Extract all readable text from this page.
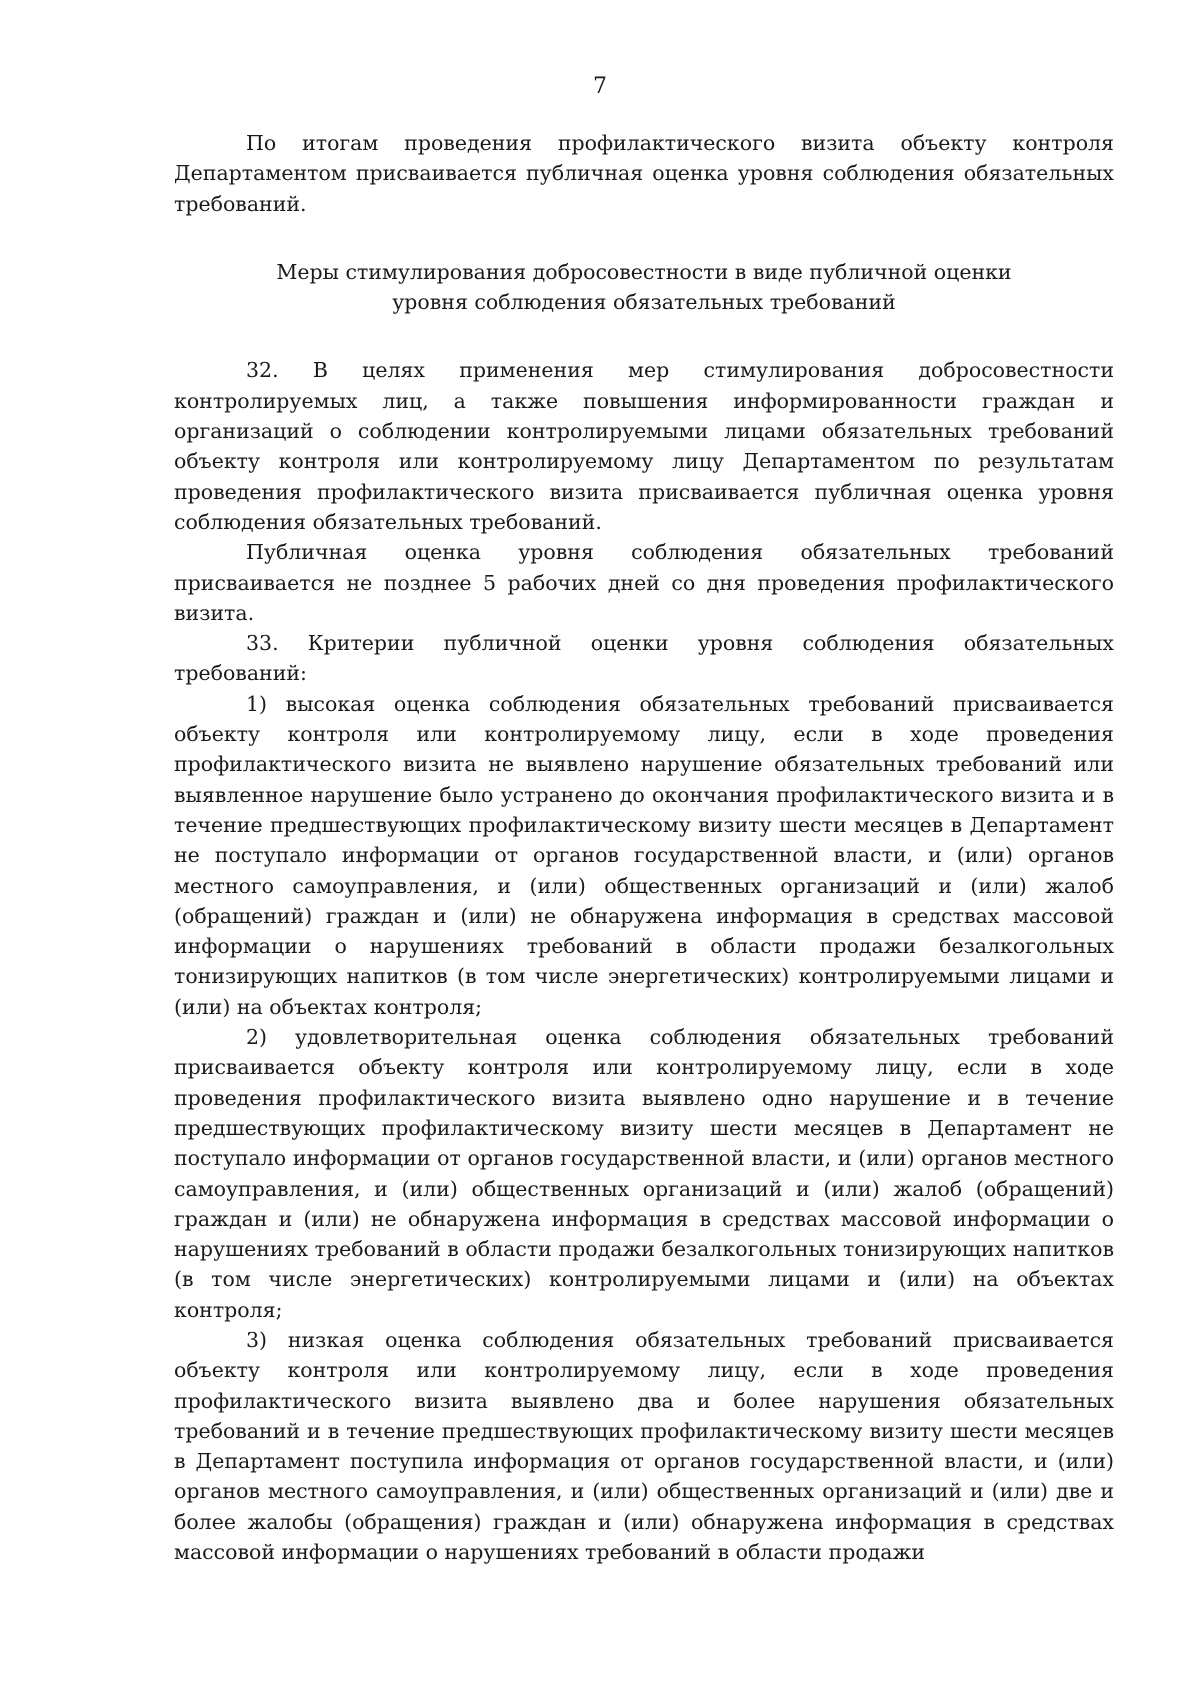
7

По итогам проведения профилактического визита объекту контроля Департаментом присваивается публичная оценка уровня соблюдения обязательных требований.

Меры стимулирования добросовестности в виде публичной оценки
уровня соблюдения обязательных требований

32. В целях применения мер стимулирования добросовестности контролируемых лиц, а также повышения информированности граждан и организаций о соблюдении контролируемыми лицами обязательных требований объекту контроля или контролируемому лицу Департаментом по результатам проведения профилактического визита присваивается публичная оценка уровня соблюдения обязательных требований.

Публичная оценка уровня соблюдения обязательных требований присваивается не позднее 5 рабочих дней со дня проведения профилактического визита.

33. Критерии публичной оценки уровня соблюдения обязательных требований:

1) высокая оценка соблюдения обязательных требований присваивается объекту контроля или контролируемому лицу, если в ходе проведения профилактического визита не выявлено нарушение обязательных требований или выявленное нарушение было устранено до окончания профилактического визита и в течение предшествующих профилактическому визиту шести месяцев в Департамент не поступало информации от органов государственной власти, и (или) органов местного самоуправления, и (или) общественных организаций и (или) жалоб (обращений) граждан и (или) не обнаружена информация в средствах массовой информации о нарушениях требований в области продажи безалкогольных тонизирующих напитков (в том числе энергетических) контролируемыми лицами и (или) на объектах контроля;

2) удовлетворительная оценка соблюдения обязательных требований присваивается объекту контроля или контролируемому лицу, если в ходе проведения профилактического визита выявлено одно нарушение и в течение предшествующих профилактическому визиту шести месяцев в Департамент не поступало информации от органов государственной власти, и (или) органов местного самоуправления, и (или) общественных организаций и (или) жалоб (обращений) граждан и (или) не обнаружена информация в средствах массовой информации о нарушениях требований в области продажи безалкогольных тонизирующих напитков (в том числе энергетических) контролируемыми лицами и (или) на объектах контроля;

3) низкая оценка соблюдения обязательных требований присваивается объекту контроля или контролируемому лицу, если в ходе проведения профилактического визита выявлено два и более нарушения обязательных требований и в течение предшествующих профилактическому визиту шести месяцев в Департамент поступила информация от органов государственной власти, и (или) органов местного самоуправления, и (или) общественных организаций и (или) две и более жалобы (обращения) граждан и (или) обнаружена информация в средствах массовой информации о нарушениях требований в области продажи
